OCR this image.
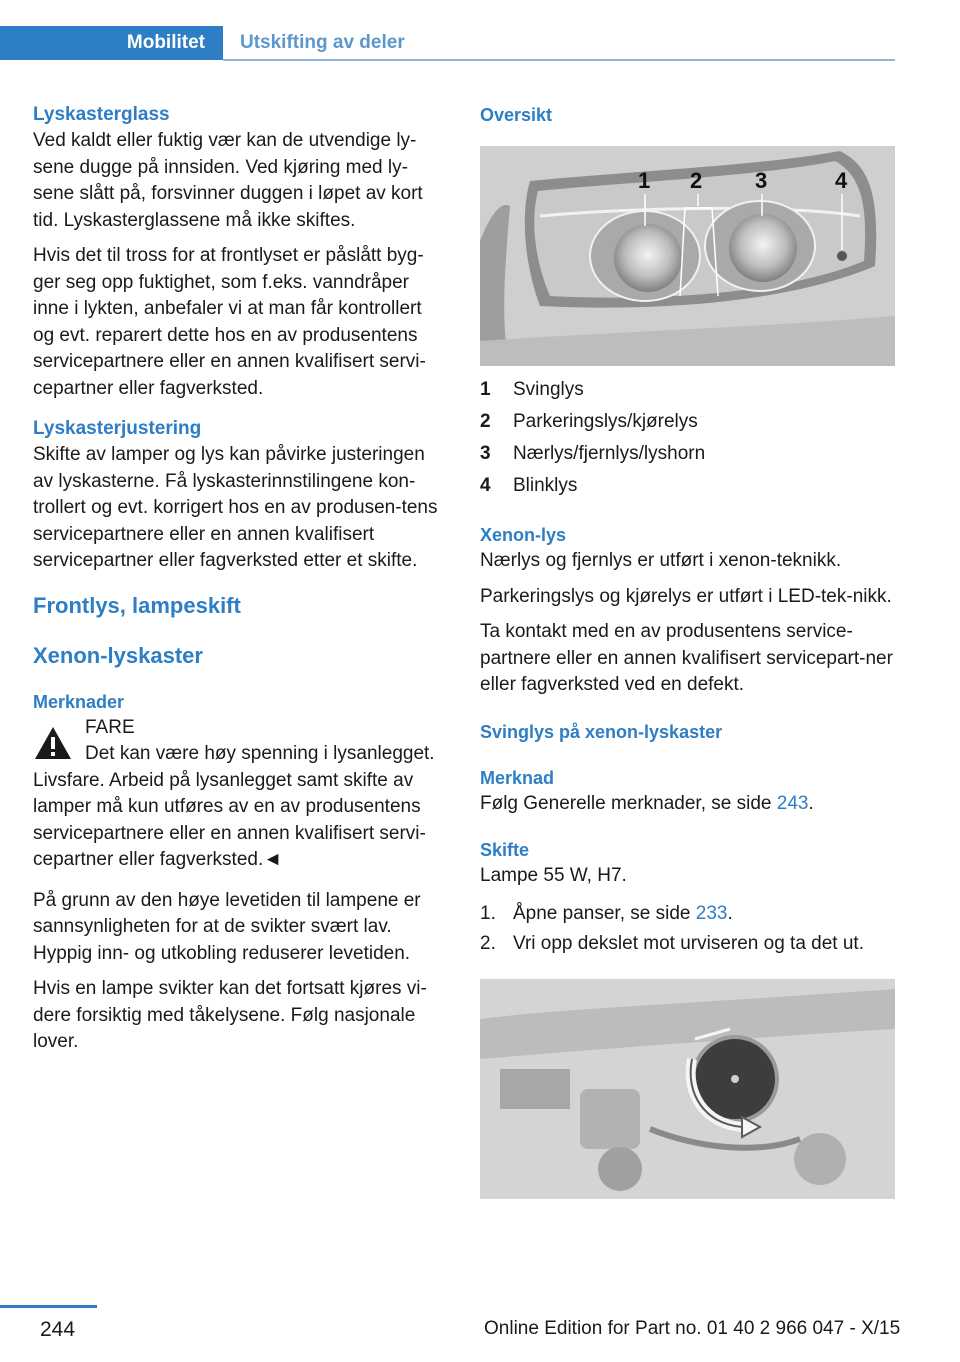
Mobilitet Utskifting av deler
Lyskasterglass

Ved kaldt eller fuktig vær kan de utvendige ly-sene dugge på innsiden. Ved kjøring med ly-sene slått på, forsvinner duggen i løpet av kort tid. Lyskasterglassene må ikke skiftes.

Hvis det til tross for at frontlyset er påslått byg-ger seg opp fuktighet, som f.eks. vanndråper inne i lykten, anbefaler vi at man får kontrollert og evt. reparert dette hos en av produsentens servicepartnere eller en annen kvalifisert servi-cepartner eller fagverksted.

Lyskasterjustering

Skifte av lamper og lys kan påvirke justeringen av lyskasterne. Få lyskasterinnstilingene kon-trollert og evt. korrigert hos en av produsen-tens servicepartnere eller en annen kvalifisert servicepartner eller fagverksted etter et skifte.

Frontlys, lampeskift
Xenon-lyskaster
Merknader

FARE

Det kan være høy spenning i lysanlegget.

Livsfare. Arbeid på lysanlegget samt skifte av lamper må kun utføres av en av produsentens servicepartnere eller en annen kvalifisert servi-cepartner eller fagverksted.◄

På grunn av den høye levetiden til lampene er sannsynligheten for at de svikter svært lav. Hyppig inn- og utkobling reduserer levetiden.

Hvis en lampe svikter kan det fortsatt kjøres vi-dere forsiktig med tåkelysene. Følg nasjonale lover.

Oversikt
1 2 3	4
1	Svinglys
2	Parkeringslys/kjørelys
3	Nærlys/fjernlys/lyshorn
4	Blinklys
Xenon-lys

Nærlys og fjernlys er utført i xenon-teknikk.

Parkeringslys og kjørelys er utført i LED-tek-nikk.

Ta kontakt med en av produsentens service-partnere eller en annen kvalifisert servicepart-ner eller fagverksted ved en defekt.

Svinglys på xenon-lyskaster
Merknad

Følg Generelle merknader, se side 243.

Skifte

Lampe 55 W, H7.

1. Åpne panser, se side 233.
2. Vri opp dekslet mot urviseren og ta det ut.
244	Online Edition for Part no. 01 40 2 966 047 - X/15
